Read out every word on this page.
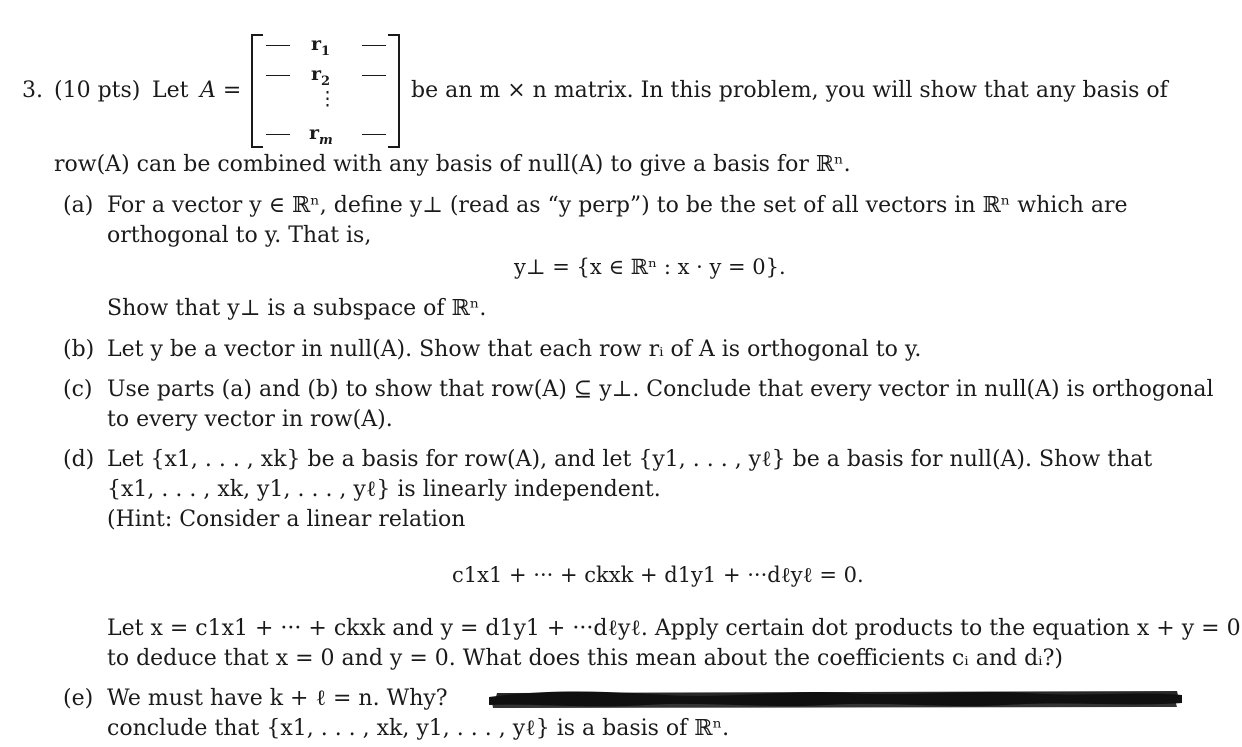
3. (10 pts) Let A =
$r_1$
$r_2$
⋮
$r_m$
be an m × n matrix. In this problem, you will show that any basis of
row(A) can be combined with any basis of null(A) to give a basis for ℝⁿ.
(a) For a vector y ∈ ℝⁿ, define y⊥ (read as “y perp”) to be the set of all vectors in ℝⁿ which are
orthogonal to y. That is,
y⊥ = {x ∈ ℝⁿ : x · y = 0}.
Show that y⊥ is a subspace of ℝⁿ.
(b) Let y be a vector in null(A). Show that each row rᵢ of A is orthogonal to y.
(c) Use parts (a) and (b) to show that row(A) ⊆ y⊥. Conclude that every vector in null(A) is orthogonal
to every vector in row(A).
(d) Let {x1, . . . , xk} be a basis for row(A), and let {y1, . . . , yℓ} be a basis for null(A). Show that
{x1, . . . , xk, y1, . . . , yℓ} is linearly independent.
(Hint: Consider a linear relation
c1x1 + ··· + ckxk + d1y1 + ···dℓyℓ = 0.
Let x = c1x1 + ··· + ckxk and y = d1y1 + ···dℓyℓ. Apply certain dot products to the equation x + y = 0
to deduce that x = 0 and y = 0. What does this mean about the coefficients cᵢ and dᵢ?)
(e) We must have k + ℓ = n. Why?
conclude that {x1, . . . , xk, y1, . . . , yℓ} is a basis of ℝⁿ.
